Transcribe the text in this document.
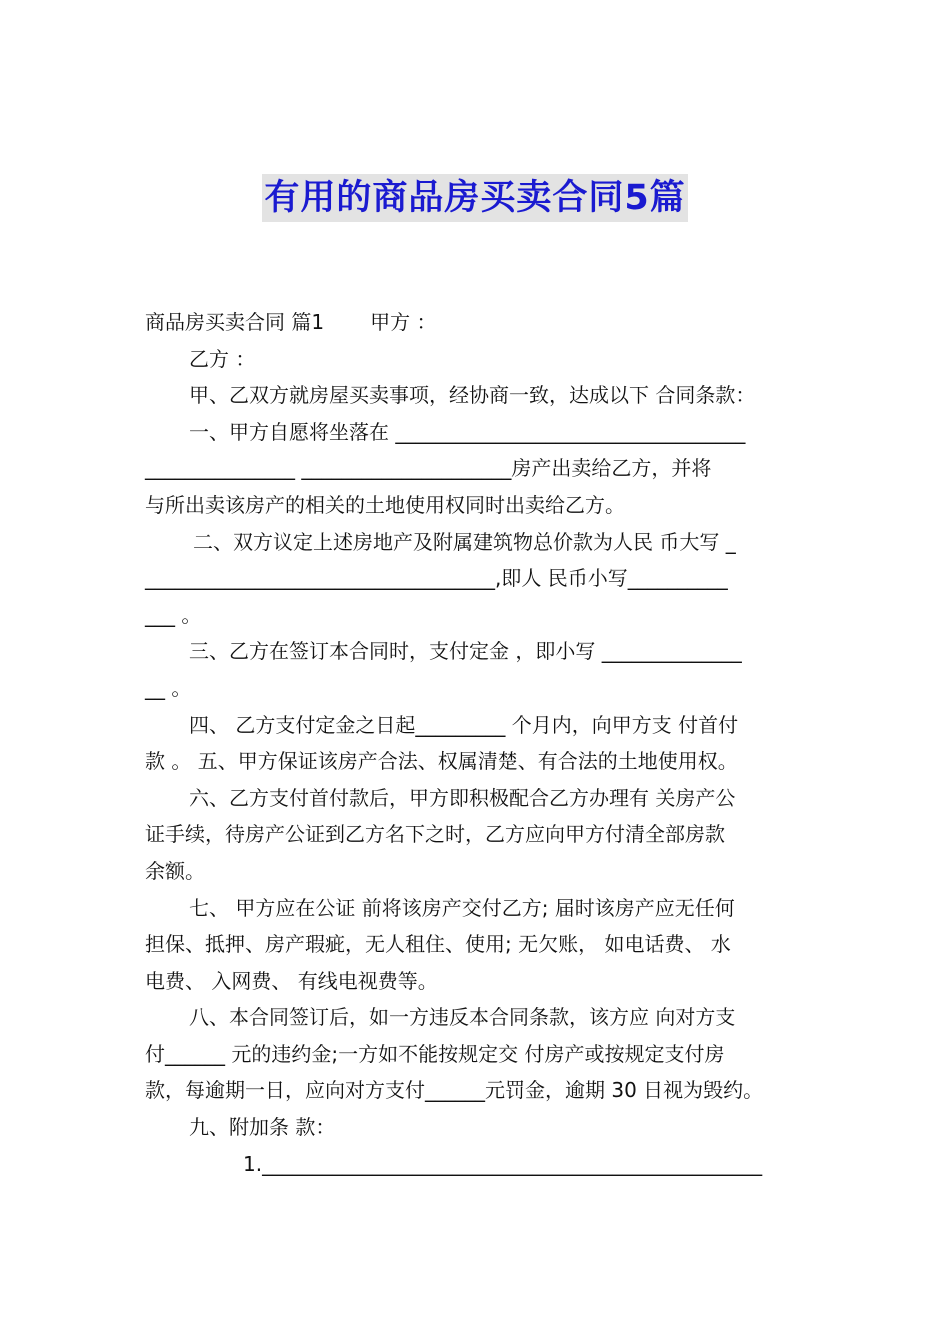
有用的商品房买卖合同5篇

商品房买卖合同 篇1 甲方 ：

乙方 ：

甲、乙双方就房屋买卖事项，经协商一致，达成以下 合同条款：

一、甲方自愿将坐落在 ___________________________________

_______________ _____________________房产出卖给乙方，并将

与所出卖该房产的相关的土地使用权同时出卖给乙方。

二、双方议定上述房地产及附属建筑物总价款为人民 币大写 _

___________________________________,即人 民币小写__________

___ 。

三、乙方在签订本合同时，支付定金 ，即小写 ______________

__ 。

四、 乙方支付定金之日起_________ 个月内，向甲方支 付首付

款 。 五、甲方保证该房产合法、权属清楚、有合法的土地使用权。

六、乙方支付首付款后，甲方即积极配合乙方办理有 关房产公

证手续，待房产公证到乙方名下之时，乙方应向甲方付清全部房款

余额。

七、 甲方应在公证 前将该房产交付乙方; 届时该房产应无任何

担保、抵押、房产瑕疵，无人租住、使用; 无欠账， 如电话费、 水

电费、 入网费、 有线电视费等。

八、本合同签订后，如一方违反本合同条款，该方应 向对方支

付______ 元的违约金;一方如不能按规定交 付房产或按规定支付房

款，每逾期一日，应向对方支付______元罚金，逾期 30 日视为毁约。

九、附加条 款：

1.__________________________________________________
